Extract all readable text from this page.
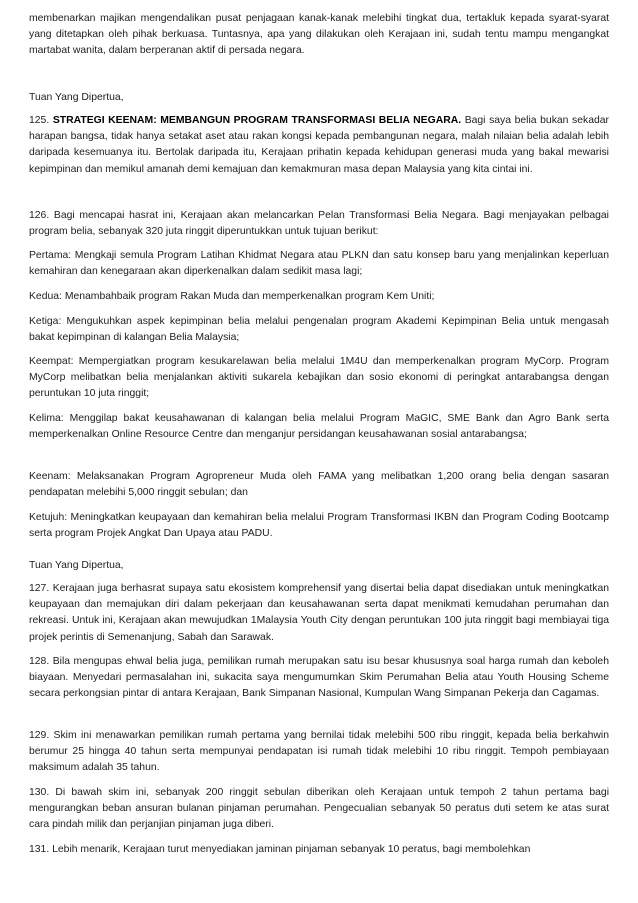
membenarkan majikan mengendalikan pusat penjagaan kanak-kanak melebihi tingkat dua, tertakluk kepada syarat-syarat yang ditetapkan oleh pihak berkuasa. Tuntasnya, apa yang dilakukan oleh Kerajaan ini, sudah tentu mampu mengangkat martabat wanita, dalam berperanan aktif di persada negara.

Tuan Yang Dipertua,

125. STRATEGI KEENAM: MEMBANGUN PROGRAM TRANSFORMASI BELIA NEGARA. Bagi saya belia bukan sekadar harapan bangsa, tidak hanya setakat aset atau rakan kongsi kepada pembangunan negara, malah nilaian belia adalah lebih daripada kesemuanya itu. Bertolak daripada itu, Kerajaan prihatin kepada kehidupan generasi muda yang bakal mewarisi kepimpinan dan memikul amanah demi kemajuan dan kemakmuran masa depan Malaysia yang kita cintai ini.

126. Bagi mencapai hasrat ini, Kerajaan akan melancarkan Pelan Transformasi Belia Negara. Bagi menjayakan pelbagai program belia, sebanyak 320 juta ringgit diperuntukkan untuk tujuan berikut:

Pertama: Mengkaji semula Program Latihan Khidmat Negara atau PLKN dan satu konsep baru yang menjalinkan keperluan kemahiran dan kenegaraan akan diperkenalkan dalam sedikit masa lagi;

Kedua: Menambahbaik program Rakan Muda dan memperkenalkan program Kem Uniti;

Ketiga: Mengukuhkan aspek kepimpinan belia melalui pengenalan program Akademi Kepimpinan Belia untuk mengasah bakat kepimpinan di kalangan Belia Malaysia;

Keempat: Mempergiatkan program kesukarelawan belia melalui 1M4U dan memperkenalkan program MyCorp. Program MyCorp melibatkan belia menjalankan aktiviti sukarela kebajikan dan sosio ekonomi di peringkat antarabangsa dengan peruntukan 10 juta ringgit;

Kelima: Menggilap bakat keusahawanan di kalangan belia melalui Program MaGIC, SME Bank dan Agro Bank serta memperkenalkan Online Resource Centre dan menganjur persidangan keusahawanan sosial antarabangsa;

Keenam: Melaksanakan Program Agropreneur Muda oleh FAMA yang melibatkan 1,200 orang belia dengan sasaran pendapatan melebihi 5,000 ringgit sebulan; dan

Ketujuh: Meningkatkan keupayaan dan kemahiran belia melalui Program Transformasi IKBN dan Program Coding Bootcamp serta program Projek Angkat Dan Upaya atau PADU.

Tuan Yang Dipertua,

127. Kerajaan juga berhasrat supaya satu ekosistem komprehensif yang disertai belia dapat disediakan untuk meningkatkan keupayaan dan memajukan diri dalam pekerjaan dan keusahawanan serta dapat menikmati kemudahan perumahan dan rekreasi. Untuk ini, Kerajaan akan mewujudkan 1Malaysia Youth City dengan peruntukan 100 juta ringgit bagi membiayai tiga projek perintis di Semenanjung, Sabah dan Sarawak.

128. Bila mengupas ehwal belia juga, pemilikan rumah merupakan satu isu besar khususnya soal harga rumah dan keboleh biayaan. Menyedari permasalahan ini, sukacita saya mengumumkan Skim Perumahan Belia atau Youth Housing Scheme secara perkongsian pintar di antara Kerajaan, Bank Simpanan Nasional, Kumpulan Wang Simpanan Pekerja dan Cagamas.

129. Skim ini menawarkan pemilikan rumah pertama yang bernilai tidak melebihi 500 ribu ringgit, kepada belia berkahwin berumur 25 hingga 40 tahun serta mempunyai pendapatan isi rumah tidak melebihi 10 ribu ringgit. Tempoh pembiayaan maksimum adalah 35 tahun.

130. Di bawah skim ini, sebanyak 200 ringgit sebulan diberikan oleh Kerajaan untuk tempoh 2 tahun pertama bagi mengurangkan beban ansuran bulanan pinjaman perumahan. Pengecualian sebanyak 50 peratus duti setem ke atas surat cara pindah milik dan perjanjian pinjaman juga diberi.

131. Lebih menarik, Kerajaan turut menyediakan jaminan pinjaman sebanyak 10 peratus, bagi membolehkan
